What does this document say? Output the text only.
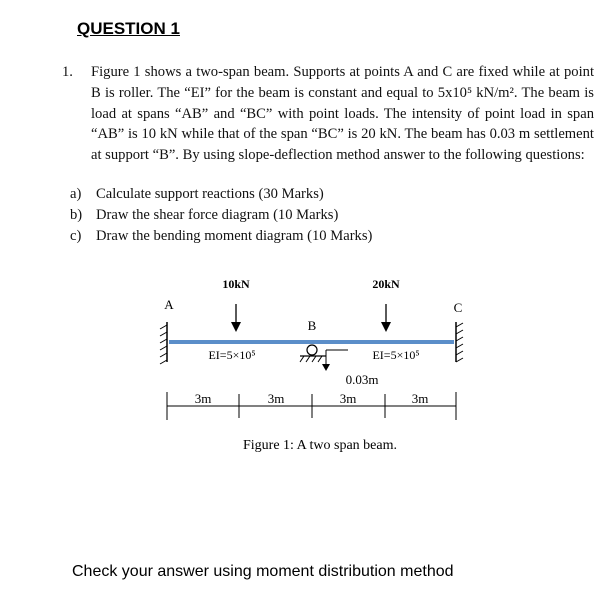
QUESTION 1
1. Figure 1 shows a two-span beam. Supports at points A and C are fixed while at point B is roller. The “EI” for the beam is constant and equal to 5x10⁵ kN/m². The beam is load at spans “AB” and “BC” with point loads. The intensity of point load in span “AB” is 10 kN while that of the span “BC” is 20 kN. The beam has 0.03 m settlement at support “B”. By using slope-deflection method answer to the following questions:
a) Calculate support reactions (30 Marks)
b) Draw the shear force diagram (10 Marks)
c) Draw the bending moment diagram (10 Marks)
10kN	20kN
A
B
C
0.03m
EI=5×10⁵	EI=5×10⁵
3m	3m	3m	3m
Figure 1: A two span beam.
Check your answer using moment distribution method
